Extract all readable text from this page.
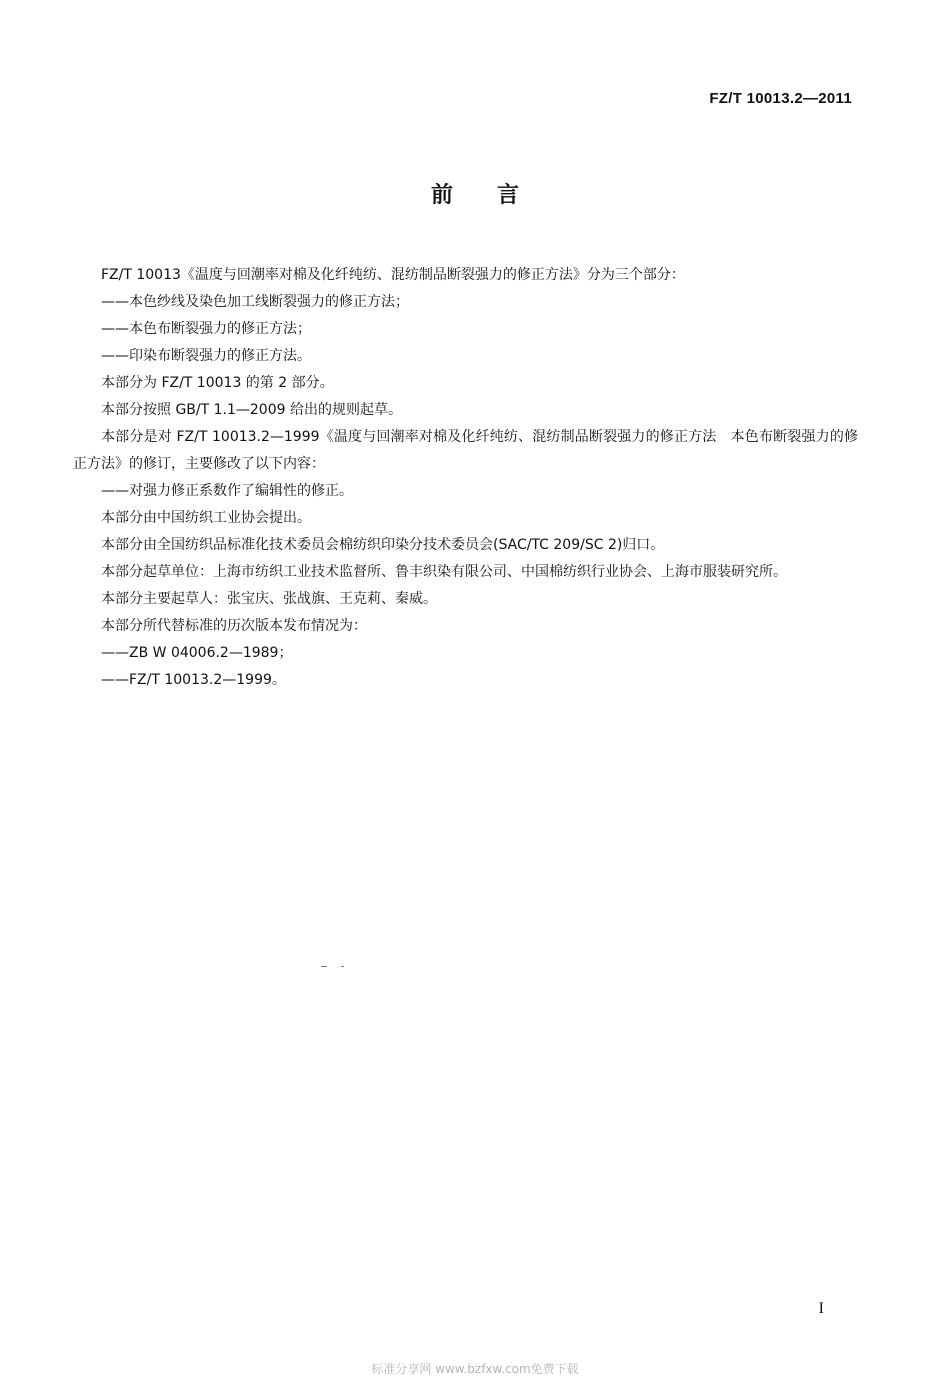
FZ/T 10013.2—2011
前言

FZ/T 10013《温度与回潮率对棉及化纤纯纺、混纺制品断裂强力的修正方法》分为三个部分：

——本色纱线及染色加工线断裂强力的修正方法；

——本色布断裂强力的修正方法；

——印染布断裂强力的修正方法。

本部分为 FZ/T 10013 的第 2 部分。

本部分按照 GB/T 1.1—2009 给出的规则起草。

本部分是对 FZ/T 10013.2—1999《温度与回潮率对棉及化纤纯纺、混纺制品断裂强力的修正方法　本色布断裂强力的修正方法》的修订，主要修改了以下内容：

——对强力修正系数作了编辑性的修正。

本部分由中国纺织工业协会提出。

本部分由全国纺织品标准化技术委员会棉纺织印染分技术委员会(SAC/TC 209/SC 2)归口。

本部分起草单位：上海市纺织工业技术监督所、鲁丰织染有限公司、中国棉纺织行业协会、上海市服装研究所。

本部分主要起草人：张宝庆、张战旗、王克莉、秦威。

本部分所代替标准的历次版本发布情况为：

——ZB W 04006.2—1989；

——FZ/T 10013.2—1999。

I
标准分享网 www.bzfxw.com免费下载
